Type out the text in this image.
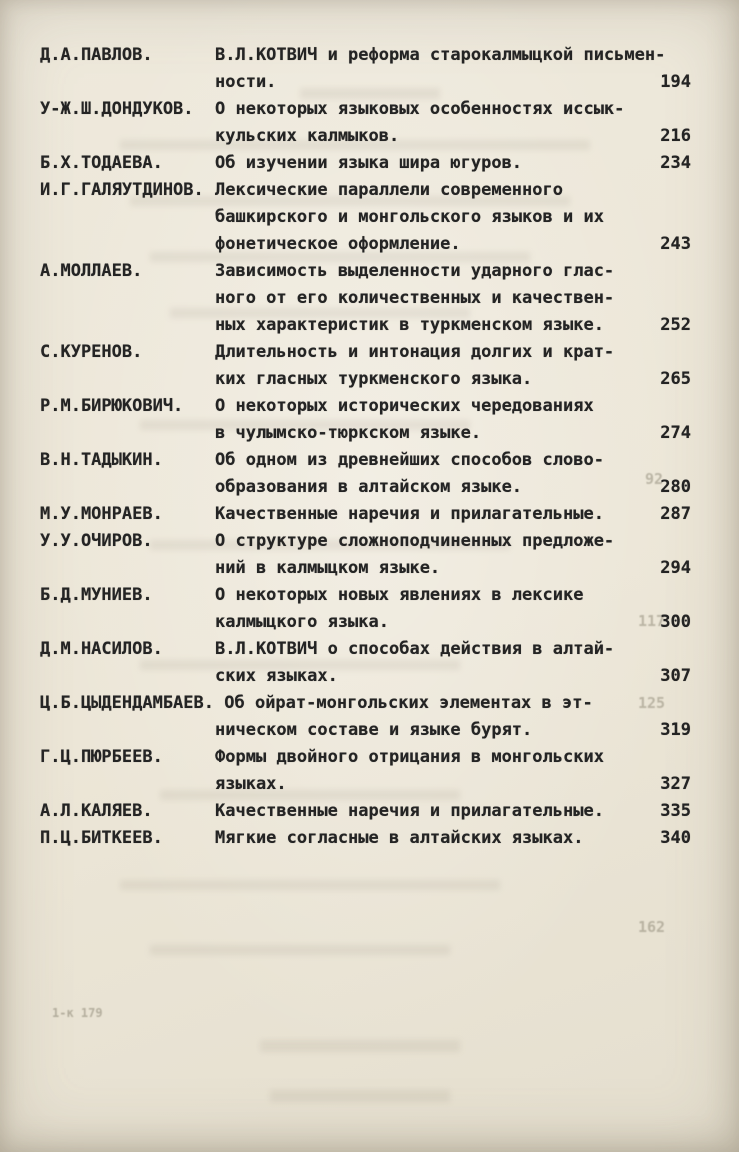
92
117
125
162
1-к 179
Д.А.ПАВЛОВ.	В.Л.КОТВИЧ и реформа старокалмыцкой письмен-
ности.	194
У-Ж.Ш.ДОНДУКОВ. О некоторых языковых особенностях иссык-
кульских калмыков.	216
Б.Х.ТОДАЕВА.	Об изучении языка шира югуров.	234
И.Г.ГАЛЯУТДИНОВ. Лексические параллели современного
башкирского и монгольского языков и их
фонетическое оформление.	243
А.МОЛЛАЕВ.	Зависимость выделенности ударного глас-
ного от его количественных и качествен-
ных характеристик в туркменском языке.	252
С.КУРЕНОВ.	Длительность и интонация долгих и крат-
ких гласных туркменского языка.	265
Р.М.БИРЮКОВИЧ. О некоторых исторических чередованиях
в чулымско-тюркском языке.	274
В.Н.ТАДЫКИН.	Об одном из древнейших способов слово-
образования в алтайском языке.	280
М.У.МОНРАЕВ.	Качественные наречия и прилагательные.	287
У.У.ОЧИРОВ.	О структуре сложноподчиненных предложе-
ний в калмыцком языке.	294
Б.Д.МУНИЕВ.	О некоторых новых явлениях в лексике
калмыцкого языка.	300
Д.М.НАСИЛОВ.	В.Л.КОТВИЧ о способах действия в алтай-
ских языках.	307
Ц.Б.ЦЫДЕНДАМБАЕВ. Об ойрат-монгольских элементах в эт-
ническом составе и языке бурят.	319
Г.Ц.ПЮРБЕЕВ.	Формы двойного отрицания в монгольских
языках.	327
А.Л.КАЛЯЕВ.	Качественные наречия и прилагательные.	335
П.Ц.БИТКЕЕВ.	Мягкие согласные в алтайских языках.	340
